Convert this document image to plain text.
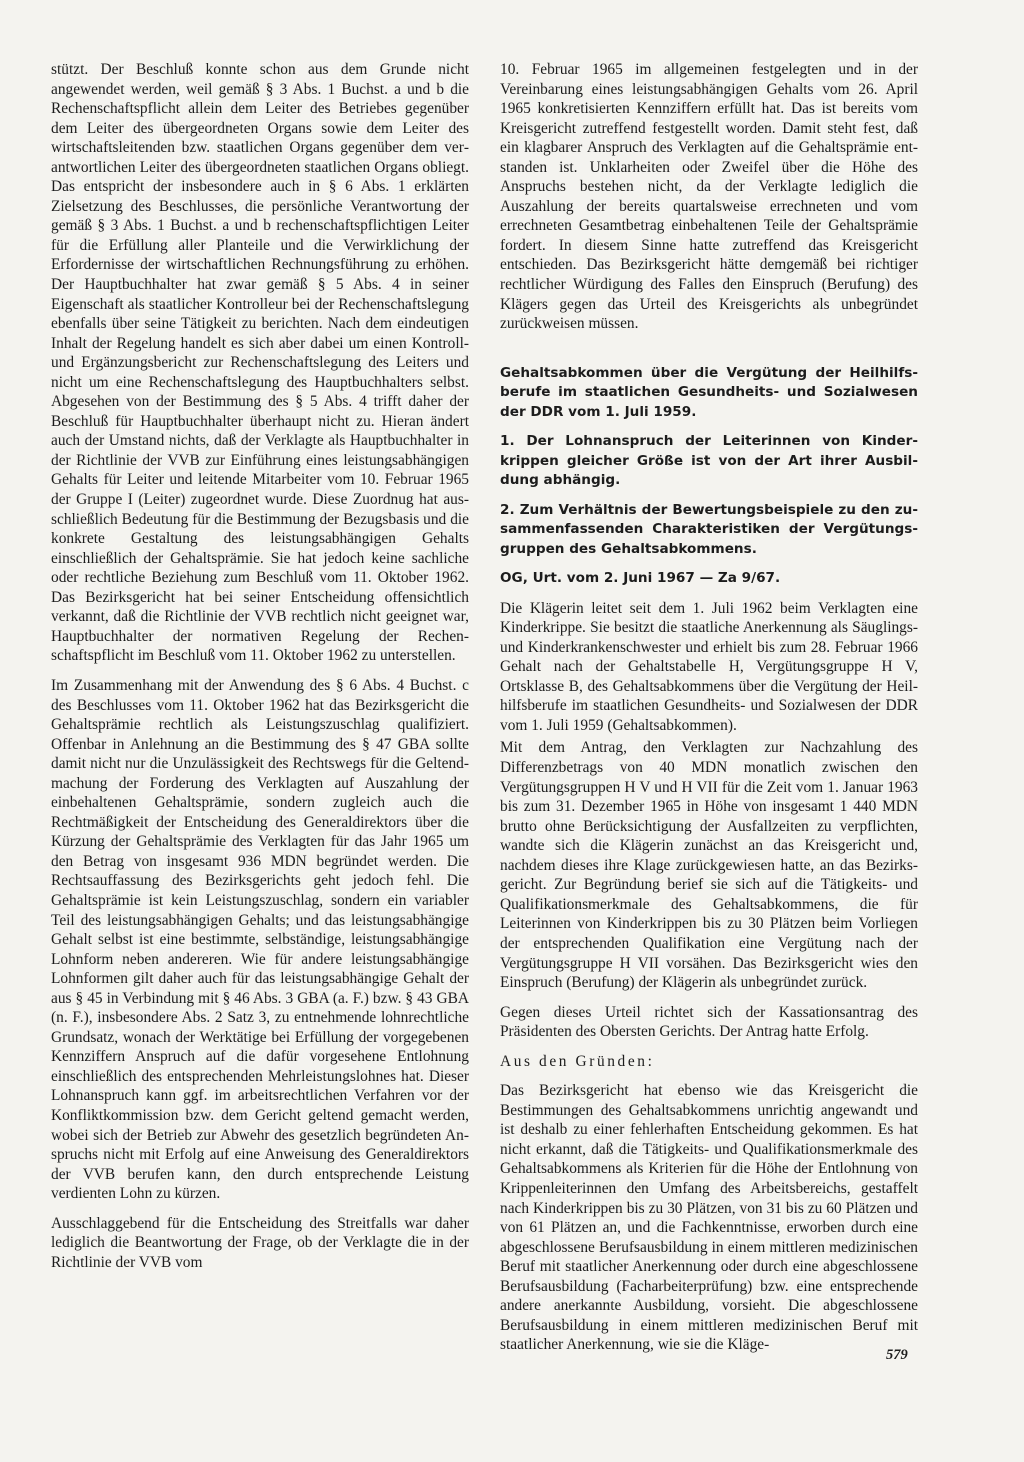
stützt. Der Beschluß konnte schon aus dem Grunde nicht angewendet werden, weil gemäß § 3 Abs. 1 Buchst. a und b die Rechenschaftspflicht allein dem Leiter des Betriebes gegenüber dem Leiter des übergeordneten Organs sowie dem Leiter des wirtschaftsleitenden bzw. staatlichen Organs gegenüber dem verantwortlichen Leiter des übergeordneten staatlichen Organs obliegt. Das entspricht der insbesondere auch in § 6 Abs. 1 erklärten Zielsetzung des Beschlusses, die persönliche Verantwortung der gemäß § 3 Abs. 1 Buchst. a und b rechenschaftspflichtigen Leiter für die Erfüllung aller Planteile und die Verwirklichung der Erfordernisse der wirtschaftlichen Rechnungsführung zu erhöhen. Der Hauptbuchhalter hat zwar gemäß § 5 Abs. 4 in seiner Eigenschaft als staatlicher Kontrolleur bei der Rechenschaftslegung ebenfalls über seine Tätigkeit zu berichten. Nach dem eindeutigen Inhalt der Regelung handelt es sich aber dabei um einen Kontroll- und Ergänzungsbericht zur Rechenschaftslegung des Leiters und nicht um eine Rechenschaftslegung des Hauptbuchhalters selbst. Abgesehen von der Bestimmung des § 5 Abs. 4 trifft daher der Beschluß für Hauptbuchhalter überhaupt nicht zu. Hieran ändert auch der Umstand nichts, daß der Verklagte als Hauptbuchhalter in der Richtlinie der VVB zur Einführung eines leistungsabhängigen Gehalts für Leiter und leitende Mitarbeiter vom 10. Februar 1965 der Gruppe I (Leiter) zugeordnet wurde. Diese Zuordnug hat ausschließlich Bedeutung für die Bestimmung der Bezugsbasis und die konkrete Gestaltung des leistungsabhängigen Gehalts einschließlich der Gehaltsprämie. Sie hat jedoch keine sachliche oder rechtliche Beziehung zum Beschluß vom 11. Oktober 1962. Das Bezirksgericht hat bei seiner Entscheidung offensichtlich verkannt, daß die Richtlinie der VVB rechtlich nicht geeignet war, Hauptbuchhalter der normativen Regelung der Rechenschaftspflicht im Beschluß vom 11. Oktober 1962 zu unterstellen.

Im Zusammenhang mit der Anwendung des § 6 Abs. 4 Buchst. c des Beschlusses vom 11. Oktober 1962 hat das Bezirksgericht die Gehaltsprämie rechtlich als Leistungszuschlag qualifiziert. Offenbar in Anlehnung an die Bestimmung des § 47 GBA sollte damit nicht nur die Unzulässigkeit des Rechtswegs für die Geltendmachung der Forderung des Verklagten auf Auszahlung der einbehaltenen Gehaltsprämie, sondern zugleich auch die Rechtmäßigkeit der Entscheidung des Generaldirektors über die Kürzung der Gehaltsprämie des Verklagten für das Jahr 1965 um den Betrag von insgesamt 936 MDN begründet werden. Die Rechtsauffassung des Bezirksgerichts geht jedoch fehl. Die Gehaltsprämie ist kein Leistungszuschlag, sondern ein variabler Teil des leistungsabhängigen Gehalts; und das leistungsabhängige Gehalt selbst ist eine bestimmte, selbständige, leistungsabhängige Lohnform neben andereren. Wie für andere leistungsabhängige Lohnformen gilt daher auch für das leistungsabhängige Gehalt der aus § 45 in Verbindung mit § 46 Abs. 3 GBA (a. F.) bzw. § 43 GBA (n. F.), insbesondere Abs. 2 Satz 3, zu entnehmende lohnrechtliche Grundsatz, wonach der Werktätige bei Erfüllung der vorgegebenen Kennziffern Anspruch auf die dafür vorgesehene Entlohnung einschließlich des entsprechenden Mehrleistungslohnes hat. Dieser Lohnanspruch kann ggf. im arbeitsrechtlichen Verfahren vor der Konfliktkommission bzw. dem Gericht geltend gemacht werden, wobei sich der Betrieb zur Abwehr des gesetzlich begründeten Anspruchs nicht mit Erfolg auf eine Anweisung des Generaldirektors der VVB berufen kann, den durch entsprechende Leistung verdienten Lohn zu kürzen.

Ausschlaggebend für die Entscheidung des Streitfalls war daher lediglich die Beantwortung der Frage, ob der Verklagte die in der Richtlinie der VVB vom

10. Februar 1965 im allgemeinen festgelegten und in der Vereinbarung eines leistungsabhängigen Gehalts vom 26. April 1965 konkretisierten Kennziffern erfüllt hat. Das ist bereits vom Kreisgericht zutreffend festgestellt worden. Damit steht fest, daß ein klagbarer Anspruch des Verklagten auf die Gehaltsprämie entstanden ist. Unklarheiten oder Zweifel über die Höhe des Anspruchs bestehen nicht, da der Verklagte lediglich die Auszahlung der bereits quartalsweise errechneten und vom errechneten Gesamtbetrag einbehaltenen Teile der Gehaltsprämie fordert. In diesem Sinne hatte zutreffend das Kreisgericht entschieden. Das Bezirksgericht hätte demgemäß bei richtiger rechtlicher Würdigung des Falles den Einspruch (Berufung) des Klägers gegen das Urteil des Kreisgerichts als unbegründet zurückweisen müssen.

Gehaltsabkommen über die Vergütung der Heilhilfsberufe im staatlichen Gesundheits- und Sozialwesen der DDR vom 1. Juli 1959.
1. Der Lohnanspruch der Leiterinnen von Kinderkrippen gleicher Größe ist von der Art ihrer Ausbildung abhängig.
2. Zum Verhältnis der Bewertungsbeispiele zu den zusammenfassenden Charakteristiken der Vergütungsgruppen des Gehaltsabkommens.
OG, Urt. vom 2. Juni 1967 — Za 9/67.

Die Klägerin leitet seit dem 1. Juli 1962 beim Verklagten eine Kinderkrippe. Sie besitzt die staatliche Anerkennung als Säuglings- und Kinderkrankenschwester und erhielt bis zum 28. Februar 1966 Gehalt nach der Gehaltstabelle H, Vergütungsgruppe H V, Ortsklasse B, des Gehaltsabkommens über die Vergütung der Heilhilfsberufe im staatlichen Gesundheits- und Sozialwesen der DDR vom 1. Juli 1959 (Gehaltsabkommen).

Mit dem Antrag, den Verklagten zur Nachzahlung des Differenzbetrags von 40 MDN monatlich zwischen den Vergütungsgruppen H V und H VII für die Zeit vom 1. Januar 1963 bis zum 31. Dezember 1965 in Höhe von insgesamt 1 440 MDN brutto ohne Berücksichtigung der Ausfallzeiten zu verpflichten, wandte sich die Klägerin zunächst an das Kreisgericht und, nachdem dieses ihre Klage zurückgewiesen hatte, an das Bezirksgericht. Zur Begründung berief sie sich auf die Tätigkeits- und Qualifikationsmerkmale des Gehaltsabkommens, die für Leiterinnen von Kinderkrippen bis zu 30 Plätzen beim Vorliegen der entsprechenden Qualifikation eine Vergütung nach der Vergütungsgruppe H VII vorsähen. Das Bezirksgericht wies den Einspruch (Berufung) der Klägerin als unbegründet zurück.

Gegen dieses Urteil richtet sich der Kassationsantrag des Präsidenten des Obersten Gerichts. Der Antrag hatte Erfolg.

Aus den Gründen:

Das Bezirksgericht hat ebenso wie das Kreisgericht die Bestimmungen des Gehaltsabkommens unrichtig angewandt und ist deshalb zu einer fehlerhaften Entscheidung gekommen. Es hat nicht erkannt, daß die Tätigkeits- und Qualifikationsmerkmale des Gehaltsabkommens als Kriterien für die Höhe der Entlohnung von Krippenleiterinnen den Umfang des Arbeitsbereichs, gestaffelt nach Kinderkrippen bis zu 30 Plätzen, von 31 bis zu 60 Plätzen und von 61 Plätzen an, und die Fachkenntnisse, erworben durch eine abgeschlossene Berufsausbildung in einem mittleren medizinischen Beruf mit staatlicher Anerkennung oder durch eine abgeschlossene Berufsausbildung (Facharbeiterprüfung) bzw. eine entsprechende andere anerkannte Ausbildung, vorsieht. Die abgeschlossene Berufsausbildung in einem mittleren medizinischen Beruf mit staatlicher Anerkennung, wie sie die Kläge-

579
